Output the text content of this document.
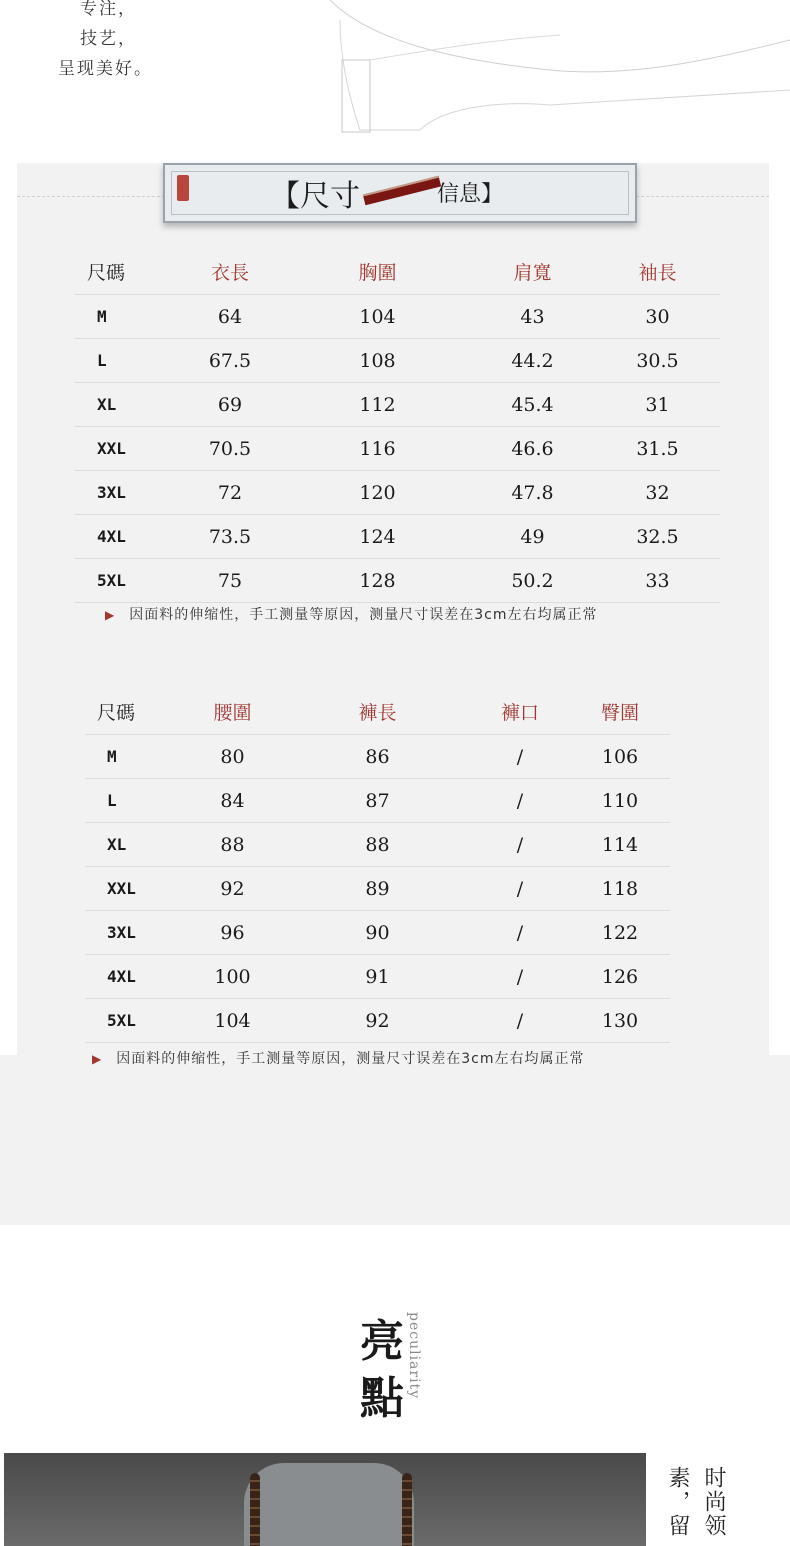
专注，
技艺，
呈现美好。
【尺寸	信息】
尺碼	衣長	胸圍	肩寬	袖長
M	64	104	43	30
L	67.5	108	44.2	30.5
XL	69	112	45.4	31
XXL	70.5	116	46.6	31.5
3XL	72	120	47.8	32
4XL	73.5	124	49	32.5
5XL	75	128	50.2	33
▶ 因面料的伸缩性，手工测量等原因，测量尺寸误差在3cm左右均属正常
尺碼	腰圍	褲長	褲口	臀圍
M	80	86	/	106
L	84	87	/	110
XL	88	88	/	114
XXL	92	89	/	118
3XL	96	90	/	122
4XL	100	91	/	126
5XL	104	92	/	130
▶ 因面料的伸缩性，手工测量等原因，测量尺寸误差在3cm左右均属正常
亮
點 peculiarity
时尚领
素，留
